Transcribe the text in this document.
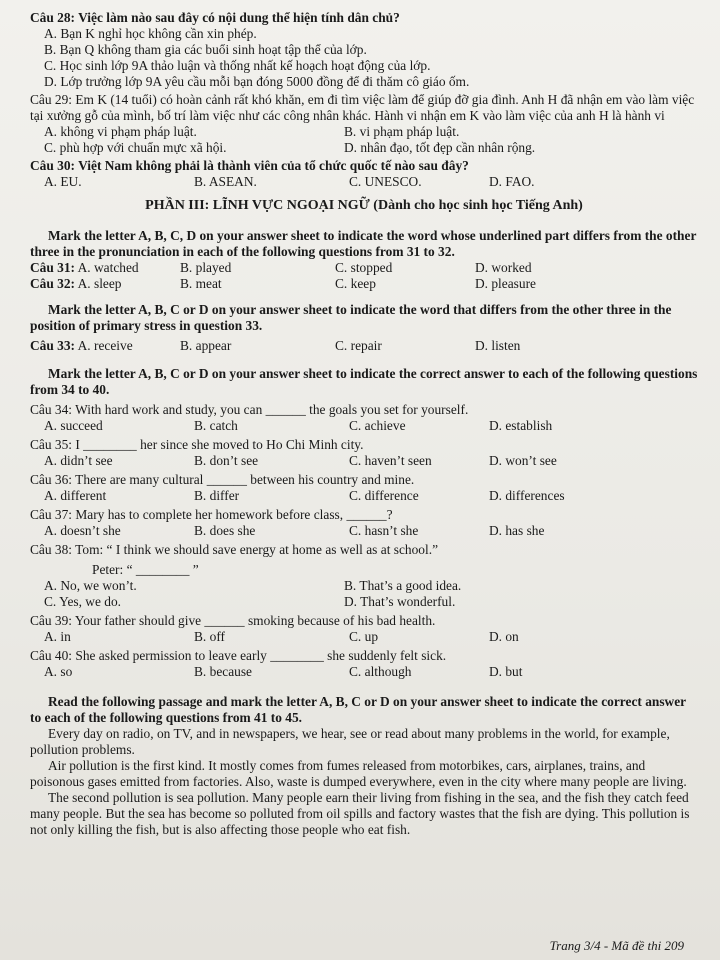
Câu 28: Việc làm nào sau đây có nội dung thể hiện tính dân chủ?

A. Bạn K nghỉ học không cần xin phép.

B. Bạn Q không tham gia các buổi sinh hoạt tập thể của lớp.

C. Học sinh lớp 9A thảo luận và thống nhất kế hoạch hoạt động của lớp.

D. Lớp trưởng lớp 9A yêu cầu mỗi bạn đóng 5000 đồng để đi thăm cô giáo ốm.

Câu 29: Em K (14 tuổi) có hoàn cảnh rất khó khăn, em đi tìm việc làm để giúp đỡ gia đình. Anh H đã nhận em vào làm việc tại xưởng gỗ của mình, bố trí làm việc như các công nhân khác. Hành vi nhận em K vào làm việc của anh H là hành vi

A. không vi phạm pháp luật.	B. vi phạm pháp luật.
C. phù hợp với chuẩn mực xã hội.	D. nhân đạo, tốt đẹp cần nhân rộng.

Câu 30: Việt Nam không phải là thành viên của tổ chức quốc tế nào sau đây?

A. EU.	B. ASEAN.	C. UNESCO.	D. FAO.

PHẦN III: LĨNH VỰC NGOẠI NGỮ (Dành cho học sinh học Tiếng Anh)

Mark the letter A, B, C, D on your answer sheet to indicate the word whose underlined part differs from the other three in the pronunciation in each of the following questions from 31 to 32.

Câu 31: A. watched	B. played	C. stopped	D. worked
Câu 32: A. sleep	B. meat	C. keep	D. pleasure

Mark the letter A, B, C or D on your answer sheet to indicate the word that differs from the other three in the position of primary stress in question 33.

Câu 33: A. receive	B. appear	C. repair	D. listen

Mark the letter A, B, C or D on your answer sheet to indicate the correct answer to each of the following questions from 34 to 40.

Câu 34: With hard work and study, you can ______ the goals you set for yourself.

A. succeed	B. catch	C. achieve	D. establish

Câu 35: I ________ her since she moved to Ho Chi Minh city.

A. didn’t see	B. don’t see	C. haven’t seen	D. won’t see

Câu 36: There are many cultural ______ between his country and mine.

A. different	B. differ	C. difference	D. differences

Câu 37: Mary has to complete her homework before class, ______?

A. doesn’t she	B. does she	C. hasn’t she	D. has she

Câu 38: Tom: “ I think we should save energy at home as well as at school.”

Peter: “ ________ ”

A. No, we won’t.	B. That’s a good idea.
C. Yes, we do.	D. That’s wonderful.

Câu 39: Your father should give ______ smoking because of his bad health.

A. in	B. off	C. up	D. on

Câu 40: She asked permission to leave early ________ she suddenly felt sick.

A. so	B. because	C. although	D. but

Read the following passage and mark the letter A, B, C or D on your answer sheet to indicate the correct answer to each of the following questions from 41 to 45.

Every day on radio, on TV, and in newspapers, we hear, see or read about many problems in the world, for example, pollution problems.

Air pollution is the first kind. It mostly comes from fumes released from motorbikes, cars, airplanes, trains, and poisonous gases emitted from factories. Also, waste is dumped everywhere, even in the city where many people are living.

The second pollution is sea pollution. Many people earn their living from fishing in the sea, and the fish they catch feed many people. But the sea has become so polluted from oil spills and factory wastes that the fish are dying. This pollution is not only killing the fish, but is also affecting those people who eat fish.

Trang 3/4 - Mã đề thi 209
